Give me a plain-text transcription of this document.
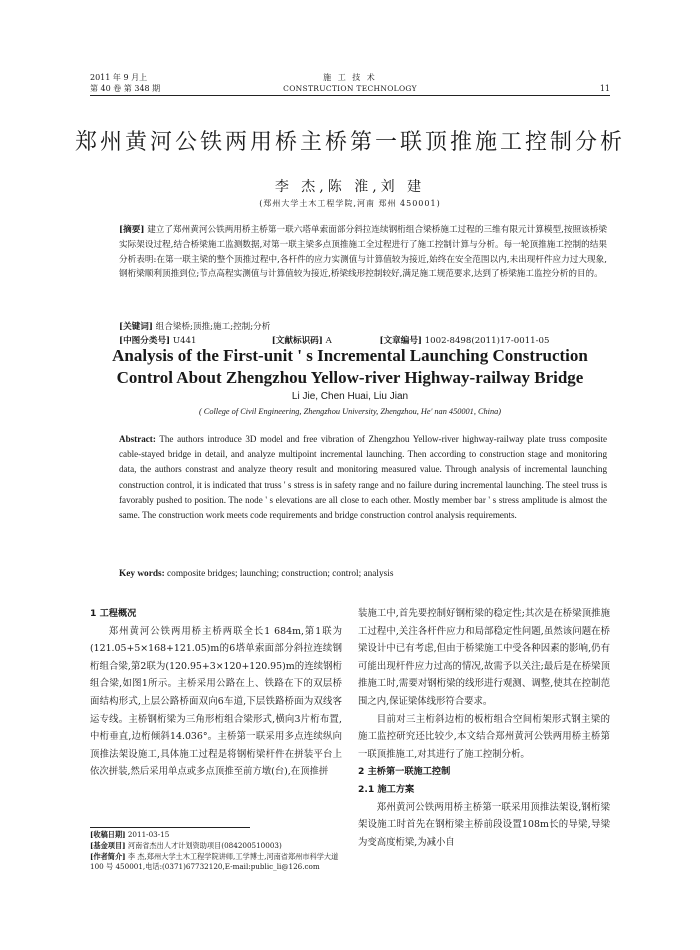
2011 年 9 月上
第 40 卷 第 348 期
施 工 技 术
CONSTRUCTION TECHNOLOGY	11
郑州黄河公铁两用桥主桥第一联顶推施工控制分析
李 杰,陈 淮,刘 建
(郑州大学土木工程学院,河南 郑州 450001)
[摘要] 建立了郑州黄河公铁两用桥主桥第一联六塔单索面部分斜拉连续钢桁组合梁桥施工过程的三维有限元计算模型,按照该桥梁实际架设过程,结合桥梁施工监测数据,对第一联主梁多点顶推施工全过程进行了施工控制计算与分析。每一轮顶推施工控制的结果分析表明:在第一联主梁的整个顶推过程中,各杆件的应力实测值与计算值较为接近,始终在安全范围以内,未出现杆件应力过大现象,钢桁梁顺利顶推到位;节点高程实测值与计算值较为接近,桥梁线形控制较好,满足施工规范要求,达到了桥梁施工监控分析的目的。
[关键词] 组合梁桥;顶推;施工;控制;分析
[中图分类号] U441	[文献标识码] A	[文章编号] 1002-8498(2011)17-0011-05
Analysis of the First-unit ' s Incremental Launching Construction
Control About Zhengzhou Yellow-river Highway-railway Bridge
Li Jie, Chen Huai, Liu Jian
( College of Civil Engineering, Zhengzhou University, Zhengzhou, He' nan 450001, China)
Abstract: The authors introduce 3D model and free vibration of Zhengzhou Yellow-river highway-railway plate truss composite cable-stayed bridge in detail, and analyze multipoint incremental launching. Then according to construction stage and monitoring data, the authors constrast and analyze theory result and monitoring measured value. Through analysis of incremental launching construction control, it is indicated that truss ' s stress is in safety range and no failure during incremental launching. The steel truss is favorably pushed to position. The node ' s elevations are all close to each other. Mostly member bar ' s stress amplitude is almost the same. The construction work meets code requirements and bridge construction control analysis requirements.
Key words: composite bridges; launching; construction; control; analysis

1 工程概况

郑州黄河公铁两用桥主桥两联全长1 684m,第1联为(121.05+5×168+121.05)m的6塔单索面部分斜拉连续钢桁组合梁,第2联为(120.95+3×120+120.95)m的连续钢桁组合梁,如图1所示。主桥采用公路在上、铁路在下的双层桥面结构形式,上层公路桥面双向6车道,下层铁路桥面为双线客运专线。主桥钢桁梁为三角形桁组合梁形式,横向3片桁布置,中桁垂直,边桁倾斜14.036°。主桥第一联采用多点连续纵向顶推法架设施工,具体施工过程是将钢桁梁杆件在拼装平台上依次拼装,然后采用单点或多点顶推至前方墩(台),在顶推拼

装施工中,首先要控制好钢桁梁的稳定性;其次是在桥梁顶推施工过程中,关注各杆件应力和局部稳定性问题,虽然该问题在桥梁设计中已有考虑,但由于桥梁施工中受各种因素的影响,仍有可能出现杆件应力过高的情况,故需予以关注;最后是在桥梁顶推施工时,需要对钢桁梁的线形进行观测、调整,使其在控制范围之内,保证梁体线形符合要求。

目前对三主桁斜边桁的板桁组合空间桁架形式钢主梁的施工监控研究还比较少,本文结合郑州黄河公铁两用桥主桥第一联顶推施工,对其进行了施工控制分析。

2 主桥第一联施工控制

2.1 施工方案

郑州黄河公铁两用桥主桥第一联采用顶推法架设,钢桁梁架设施工时首先在钢桁梁主桥前段设置108m长的导梁,导梁为变高度桁梁,为减小自

[收稿日期] 2011-03-15
[基金项目] 河南省杰出人才计划资助项目(084200510003)
[作者简介] 李 杰,郑州大学土木工程学院讲师,工学博士,河南省郑州市科学大道 100 号 450001,电话:(0371)67732120,E-mail:public_li@126.com
